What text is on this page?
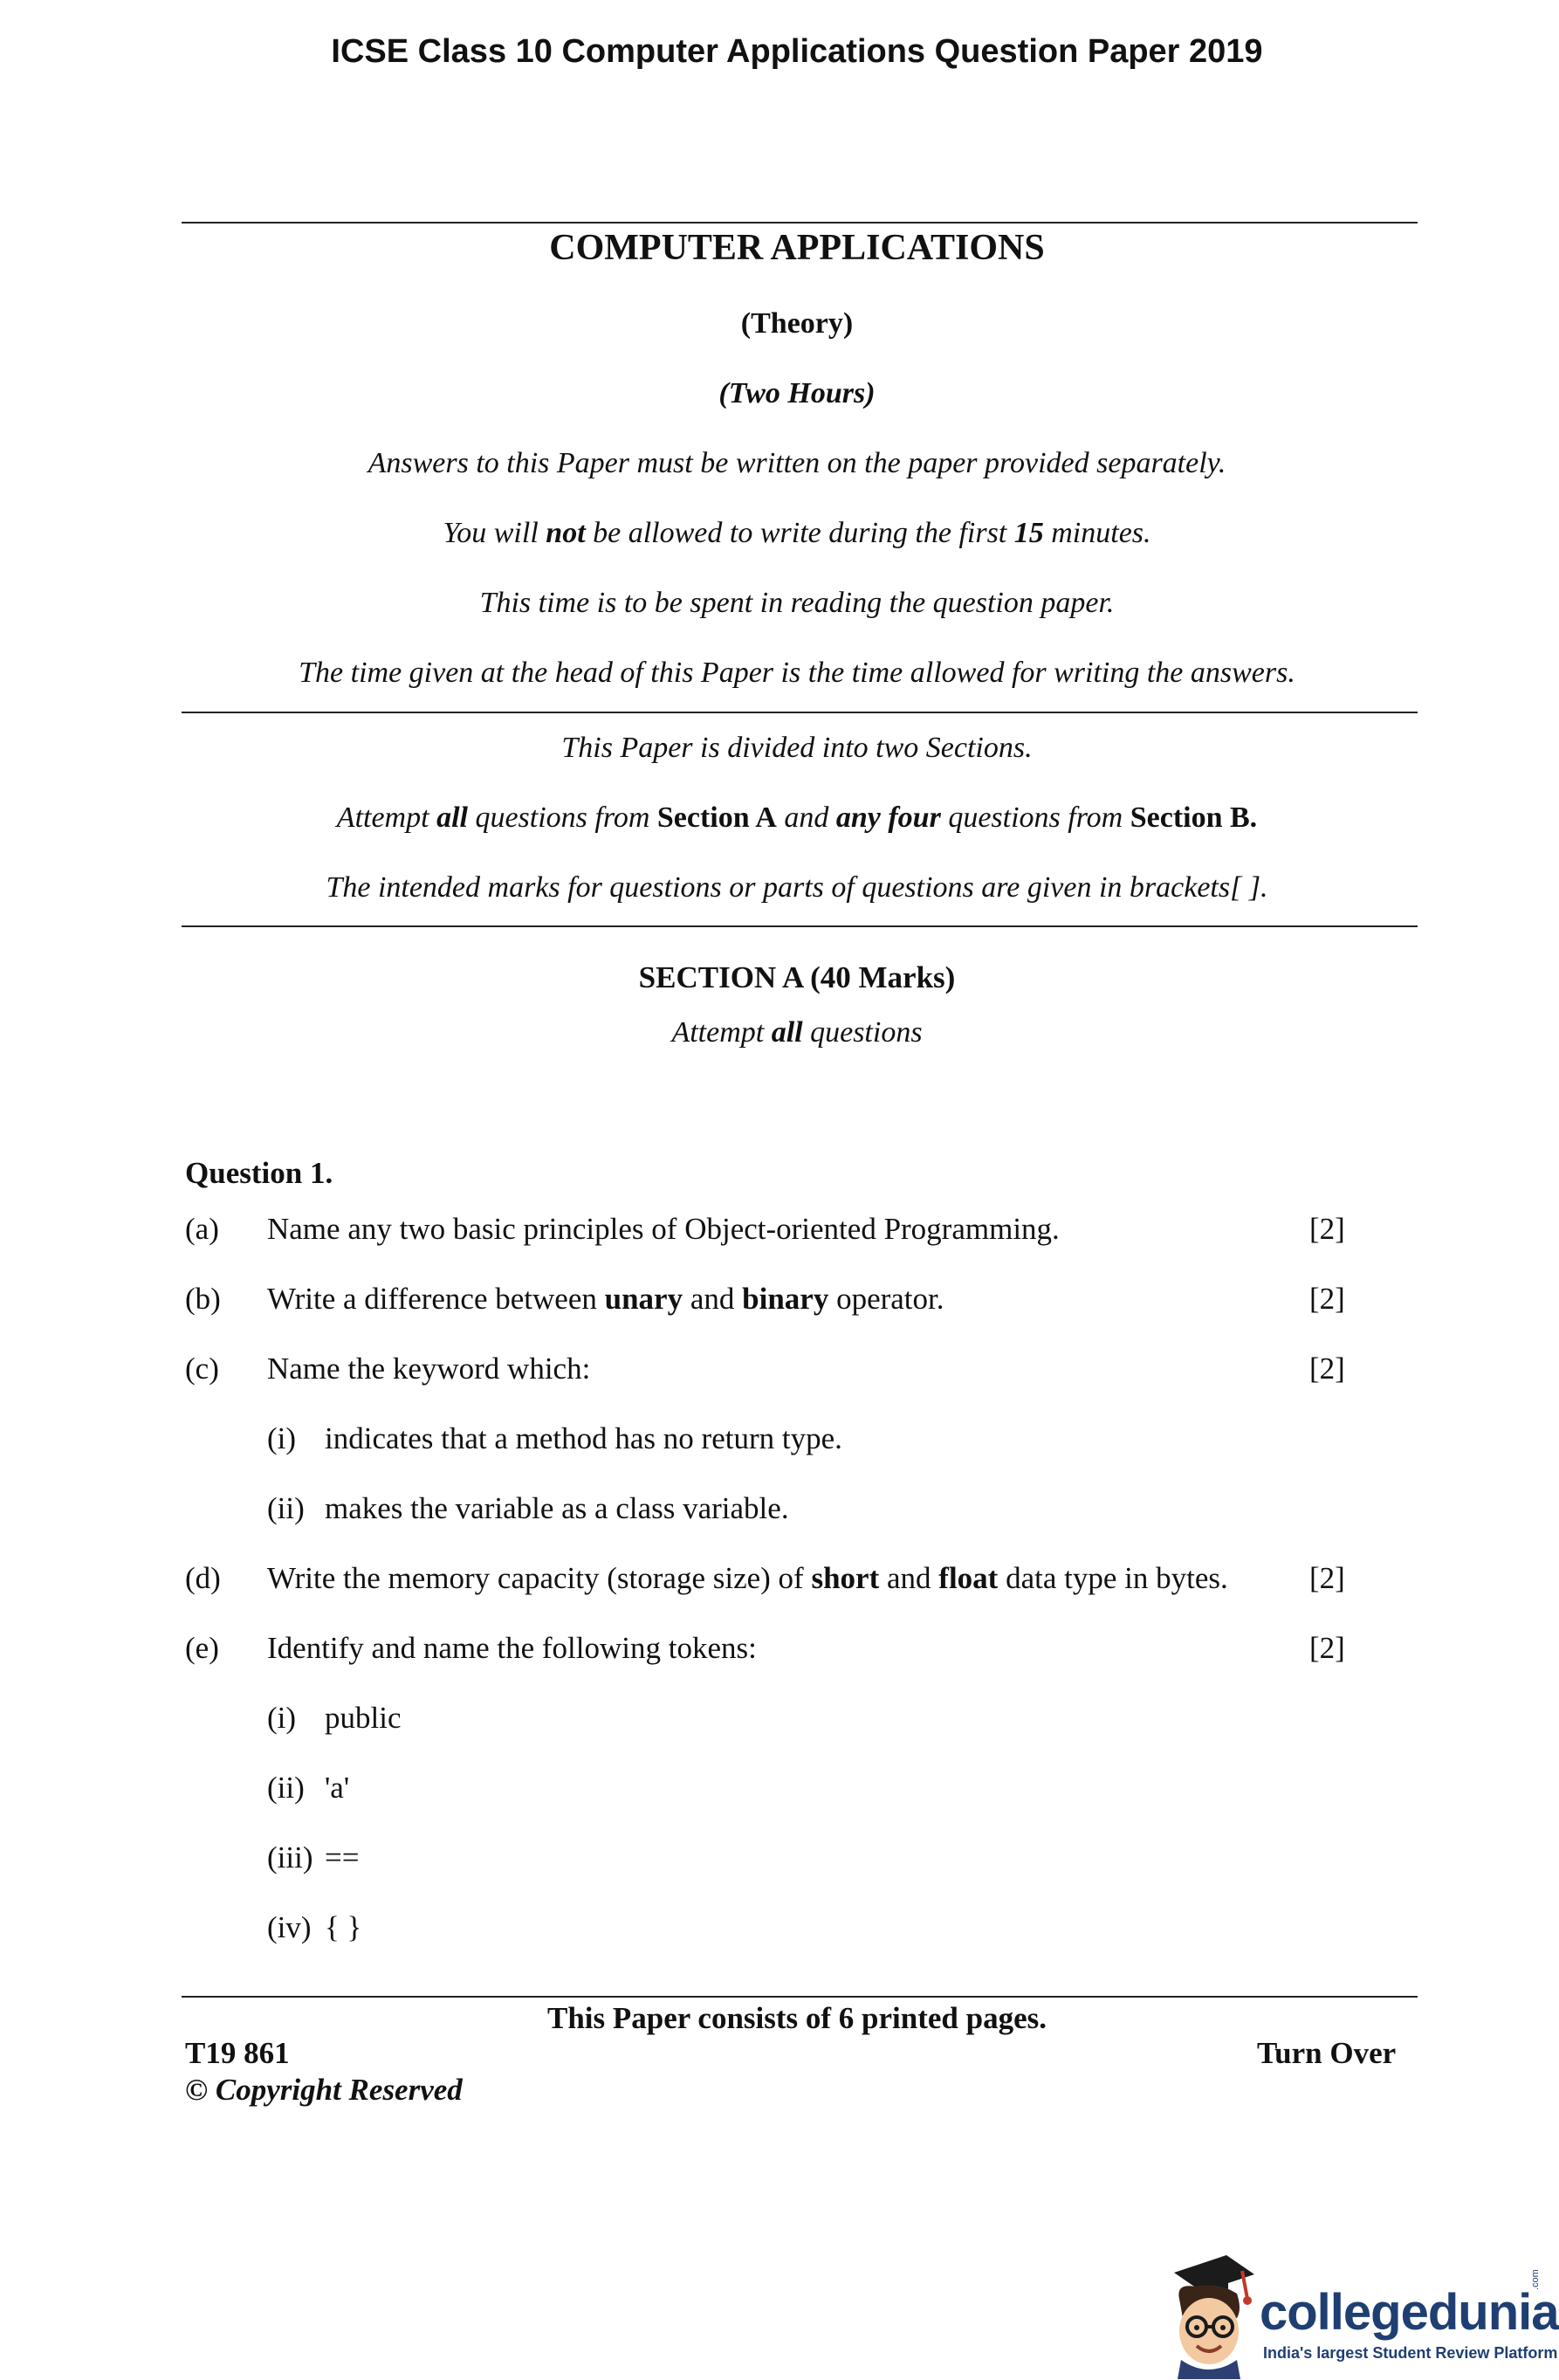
ICSE Class 10 Computer Applications Question Paper 2019
COMPUTER APPLICATIONS
(Theory)
(Two Hours)
Answers to this Paper must be written on the paper provided separately.
You will not be allowed to write during the first 15 minutes.
This time is to be spent in reading the question paper.
The time given at the head of this Paper is the time allowed for writing the answers.
This Paper is divided into two Sections.
Attempt all questions from Section A and any four questions from Section B.
The intended marks for questions or parts of questions are given in brackets[ ].
SECTION A (40 Marks)
Attempt all questions
Question 1.
(a) Name any two basic principles of Object-oriented Programming.	[2]
(b) Write a difference between unary and binary operator.	[2]
(c) Name the keyword which:	[2]
(i) indicates that a method has no return type.
(ii) makes the variable as a class variable.
(d) Write the memory capacity (storage size) of short and float data type in bytes.	[2]
(e) Identify and name the following tokens:	[2]
(i) public
(ii) 'a'
(iii) ==
(iv) { }
This Paper consists of 6 printed pages.
T19 861	Turn Over
© Copyright Reserved
collegedunia
.com
India's largest Student Review Platform
